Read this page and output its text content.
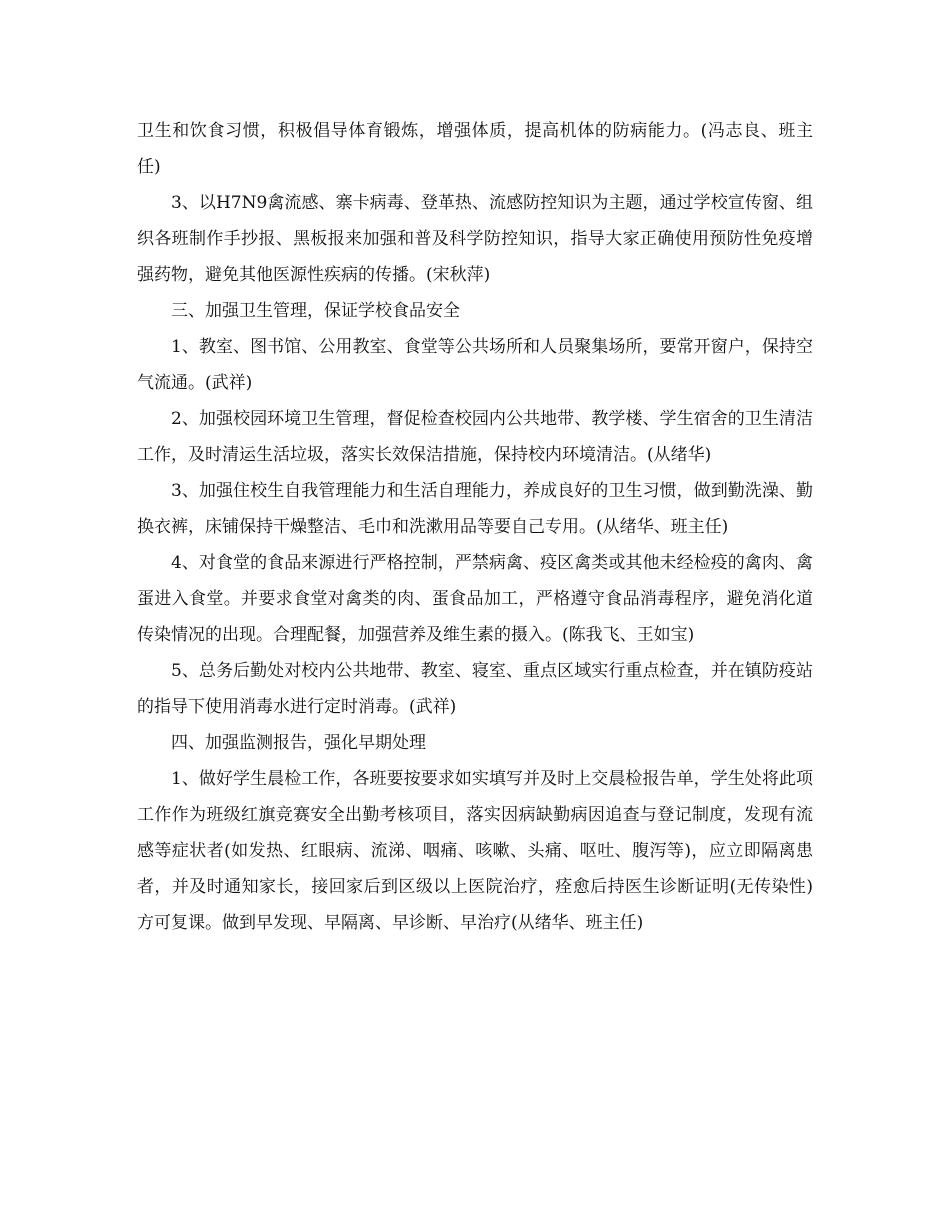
卫生和饮食习惯，积极倡导体育锻炼，增强体质，提高机体的防病能力。(冯志良、班主任)

3、以H7N9禽流感、寨卡病毒、登革热、流感防控知识为主题，通过学校宣传窗、组织各班制作手抄报、黑板报来加强和普及科学防控知识，指导大家正确使用预防性免疫增强药物，避免其他医源性疾病的传播。(宋秋萍)

三、加强卫生管理，保证学校食品安全

1、教室、图书馆、公用教室、食堂等公共场所和人员聚集场所，要常开窗户，保持空气流通。(武祥)

2、加强校园环境卫生管理，督促检查校园内公共地带、教学楼、学生宿舍的卫生清洁工作，及时清运生活垃圾，落实长效保洁措施，保持校内环境清洁。(从绪华)

3、加强住校生自我管理能力和生活自理能力，养成良好的卫生习惯，做到勤洗澡、勤换衣裤，床铺保持干燥整洁、毛巾和洗漱用品等要自己专用。(从绪华、班主任)

4、对食堂的食品来源进行严格控制，严禁病禽、疫区禽类或其他未经检疫的禽肉、禽蛋进入食堂。并要求食堂对禽类的肉、蛋食品加工，严格遵守食品消毒程序，避免消化道传染情况的出现。合理配餐，加强营养及维生素的摄入。(陈我飞、王如宝)

5、总务后勤处对校内公共地带、教室、寝室、重点区域实行重点检查，并在镇防疫站的指导下使用消毒水进行定时消毒。(武祥)

四、加强监测报告，强化早期处理

1、做好学生晨检工作，各班要按要求如实填写并及时上交晨检报告单，学生处将此项工作作为班级红旗竞赛安全出勤考核项目，落实因病缺勤病因追查与登记制度，发现有流感等症状者(如发热、红眼病、流涕、咽痛、咳嗽、头痛、呕吐、腹泻等)，应立即隔离患者，并及时通知家长，接回家后到区级以上医院治疗，痊愈后持医生诊断证明(无传染性)方可复课。做到早发现、早隔离、早诊断、早治疗(从绪华、班主任)
